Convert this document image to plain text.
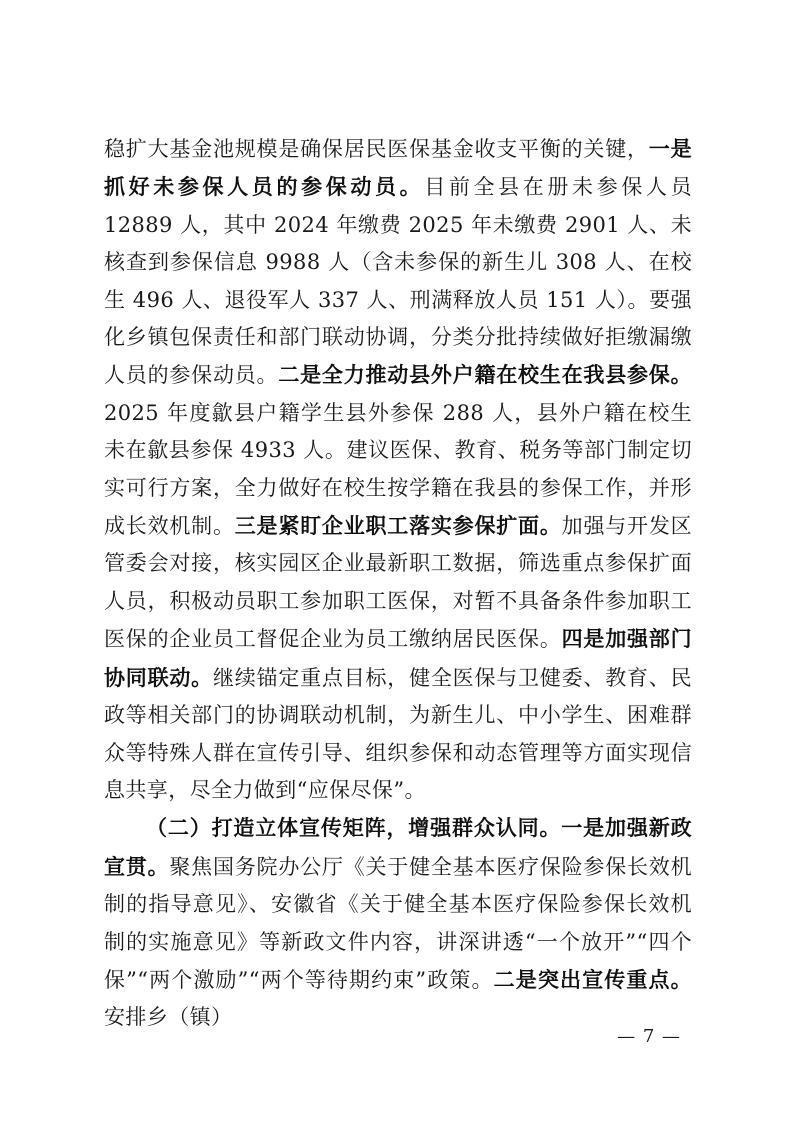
稳扩大基金池规模是确保居民医保基金收支平衡的关键，一是抓好未参保人员的参保动员。目前全县在册未参保人员 12889 人，其中 2024 年缴费 2025 年未缴费 2901 人、未核查到参保信息 9988 人（含未参保的新生儿 308 人、在校生 496 人、退役军人 337 人、刑满释放人员 151 人）。要强化乡镇包保责任和部门联动协调，分类分批持续做好拒缴漏缴人员的参保动员。二是全力推动县外户籍在校生在我县参保。2025 年度歙县户籍学生县外参保 288 人，县外户籍在校生未在歙县参保 4933 人。建议医保、教育、税务等部门制定切实可行方案，全力做好在校生按学籍在我县的参保工作，并形成长效机制。三是紧盯企业职工落实参保扩面。加强与开发区管委会对接，核实园区企业最新职工数据，筛选重点参保扩面人员，积极动员职工参加职工医保，对暂不具备条件参加职工医保的企业员工督促企业为员工缴纳居民医保。四是加强部门协同联动。继续锚定重点目标，健全医保与卫健委、教育、民政等相关部门的协调联动机制，为新生儿、中小学生、困难群众等特殊人群在宣传引导、组织参保和动态管理等方面实现信息共享，尽全力做到“应保尽保”。

（二）打造立体宣传矩阵，增强群众认同。一是加强新政宣贯。聚焦国务院办公厅《关于健全基本医疗保险参保长效机制的指导意见》、安徽省《关于健全基本医疗保险参保长效机制的实施意见》等新政文件内容，讲深讲透“一个放开”“四个保”“两个激励”“两个等待期约束”政策。二是突出宣传重点。安排乡（镇）

— 7 —
